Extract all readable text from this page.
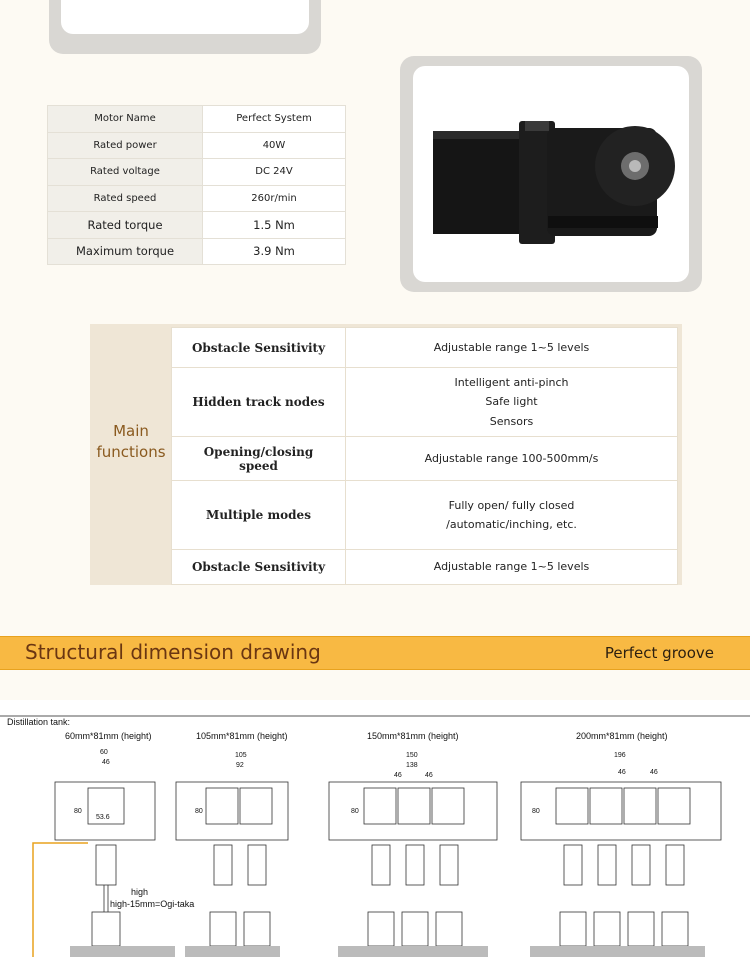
Motor Name	Perfect System
Rated power	40W
Rated voltage	DC 24V
Rated speed	260r/min
Rated torque	1.5 Nm
Maximum torque	3.9 Nm
Main
functions
Obstacle Sensitivity	Adjustable range 1~5 levels
Hidden track nodes	Intelligent anti-pinch
Safe light
Sensors

Opening/closing
speed	Adjustable range 100-500mm/s
Multiple modes	Fully open/ fully closed
/automatic/inching, etc.

Obstacle Sensitivity	Adjustable range 1~5 levels
Structural dimension drawing	Perfect groove
Distillation tank:
60mm*81mm (height)	105mm*81mm (height)	150mm*81mm (height)	200mm*81mm (height)
60
46
53.6
80
105
92
80
150
138
46	46
80
196
46	46
80
high
high-15mm=Ogi-taka
